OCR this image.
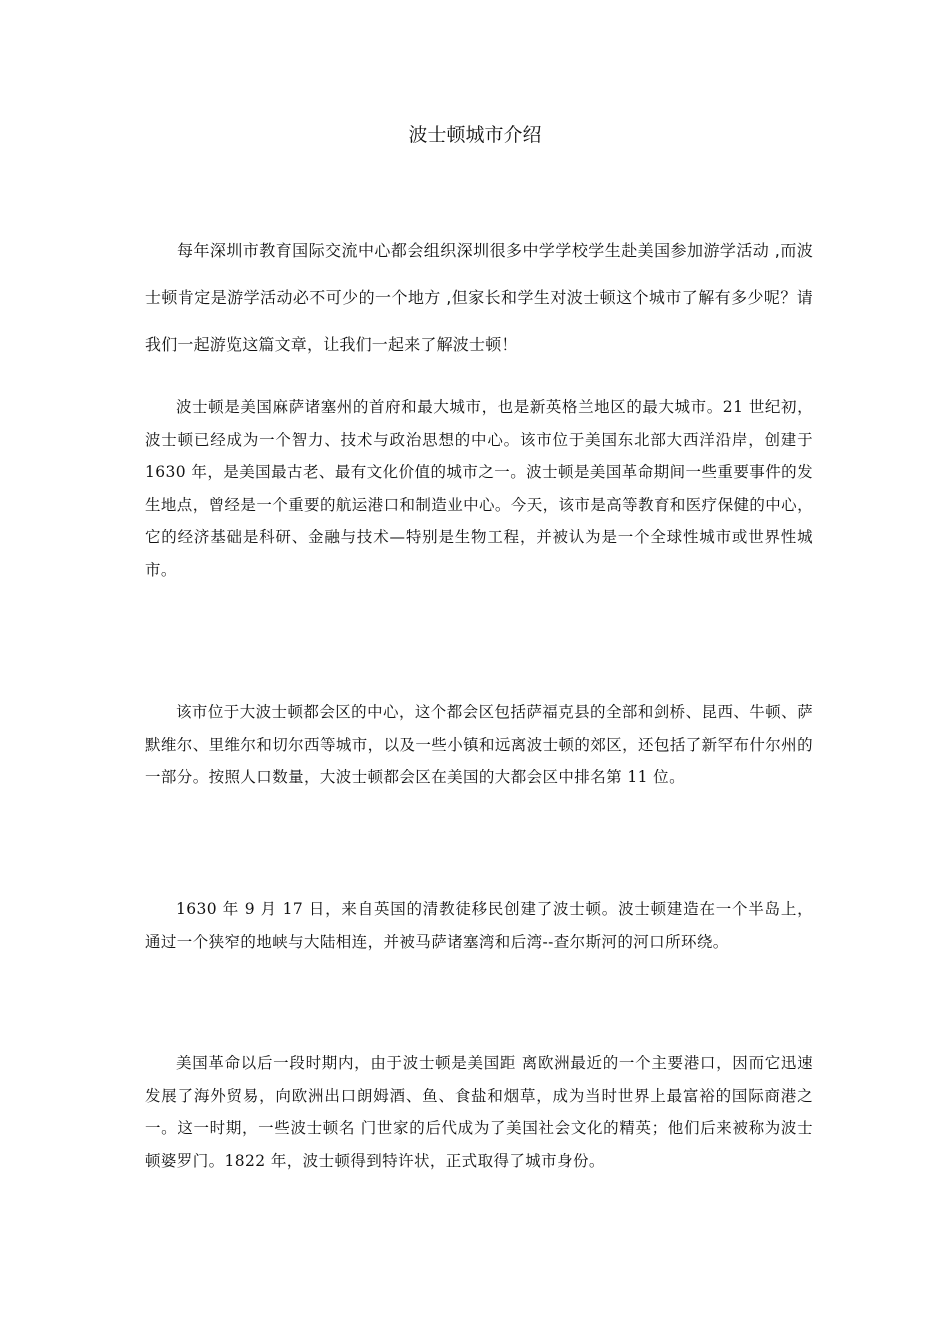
波士顿城市介绍

每年深圳市教育国际交流中心都会组织深圳很多中学学校学生赴美国参加游学活动 ,而波士顿肯定是游学活动必不可少的一个地方 ,但家长和学生对波士顿这个城市了解有多少呢？请我们一起游览这篇文章，让我们一起来了解波士顿！

波士顿是美国麻萨诸塞州的首府和最大城市，也是新英格兰地区的最大城市。21 世纪初，波士顿已经成为一个智力、技术与政治思想的中心。该市位于美国东北部大西洋沿岸，创建于 1630 年，是美国最古老、最有文化价值的城市之一。波士顿是美国革命期间一些重要事件的发生地点，曾经是一个重要的航运港口和制造业中心。今天，该市是高等教育和医疗保健的中心，它的经济基础是科研、金融与技术—特别是生物工程，并被认为是一个全球性城市或世界性城市。

该市位于大波士顿都会区的中心，这个都会区包括萨福克县的全部和剑桥、昆西、牛顿、萨默维尔、里维尔和切尔西等城市，以及一些小镇和远离波士顿的郊区，还包括了新罕布什尔州的一部分。按照人口数量，大波士顿都会区在美国的大都会区中排名第 11 位。

1630 年 9 月 17 日，来自英国的清教徒移民创建了波士顿。波士顿建造在一个半岛上，通过一个狭窄的地峡与大陆相连，并被马萨诸塞湾和后湾--查尔斯河的河口所环绕。

美国革命以后一段时期内，由于波士顿是美国距 离欧洲最近的一个主要港口，因而它迅速发展了海外贸易，向欧洲出口朗姆酒、鱼、食盐和烟草，成为当时世界上最富裕的国际商港之一。这一时期，一些波士顿名 门世家的后代成为了美国社会文化的精英；他们后来被称为波士顿婆罗门。1822 年，波士顿得到特许状，正式取得了城市身份。
